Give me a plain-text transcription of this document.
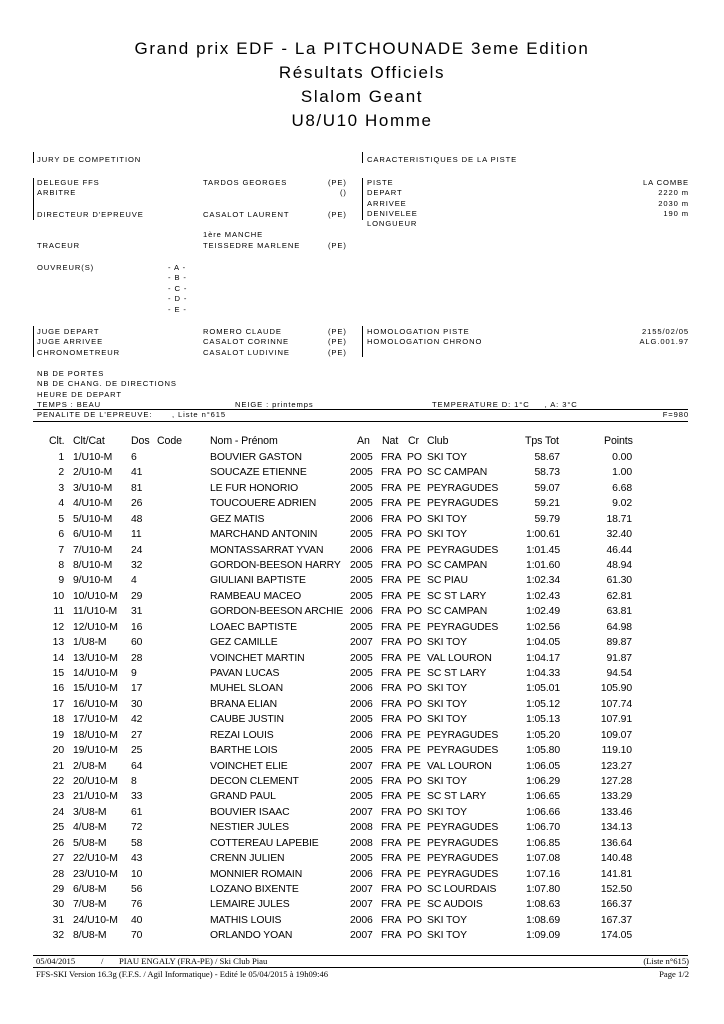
Grand prix EDF - La PITCHOUNADE 3eme Edition
Résultats Officiels
Slalom Geant
U8/U10 Homme
JURY DE COMPETITION	CARACTERISTIQUES DE LA PISTE
DELEGUE FFS	TARDOS GEORGES	(PE)
ARBITRE	()
DIRECTEUR D'EPREUVE	CASALOT LAURENT	(PE)
PISTE	LA COMBE
DEPART	2220 m
ARRIVEE	2030 m
DENIVELEE	190 m
LONGUEUR
1ère MANCHE
TRACEUR	TEISSEDRE MARLENE	(PE)
OUVREUR(S)	- A -
- B -
- C -
- D -
- E -
JUGE DEPART	ROMERO CLAUDE	(PE)
JUGE ARRIVEE	CASALOT CORINNE	(PE)
CHRONOMETREUR	CASALOT LUDIVINE	(PE)
HOMOLOGATION PISTE	2155/02/05
HOMOLOGATION CHRONO	ALG.001.97
NB DE PORTES
NB DE CHANG. DE DIRECTIONS
HEURE DE DEPART
TEMPS : BEAU	NEIGE : printemps	TEMPERATURE D: 1°C     , A: 3°C
PENALITE DE L'EPREUVE:	, Liste n°615	F=980
Clt. Clt/Cat Dos Code	Nom - Prénom	An Nat Cr Club	Tps Tot	Points
1 1/U10-M	6	BOUVIER GASTON	2005 FRA PO SKI TOY	58.67	0.00
2 2/U10-M	41	SOUCAZE ETIENNE	2005 FRA PO SC CAMPAN	58.73	1.00
3 3/U10-M	81	LE FUR HONORIO	2005 FRA PE PEYRAGUDES	59.07	6.68
4 4/U10-M	26	TOUCOUERE ADRIEN	2005 FRA PE PEYRAGUDES	59.21	9.02
5 5/U10-M	48	GEZ MATIS	2006 FRA PO SKI TOY	59.79	18.71
6 6/U10-M	11	MARCHAND ANTONIN	2005 FRA PO SKI TOY	1:00.61	32.40
7 7/U10-M	24	MONTASSARRAT YVAN	2006 FRA PE PEYRAGUDES	1:01.45	46.44
8 8/U10-M	32	GORDON-BEESON HARRY 2005 FRA PO SC CAMPAN	1:01.60	48.94
9 9/U10-M	4	GIULIANI BAPTISTE	2005 FRA PE SC PIAU	1:02.34	61.30
10 10/U10-M	29	RAMBEAU MACEO	2005 FRA PE SC ST LARY	1:02.43	62.81
11 11/U10-M	31	GORDON-BEESON ARCHIE 2006 FRA PO SC CAMPAN	1:02.49	63.81
12 12/U10-M	16	LOAEC BAPTISTE	2005 FRA PE PEYRAGUDES	1:02.56	64.98
13 1/U8-M	60	GEZ CAMILLE	2007 FRA PO SKI TOY	1:04.05	89.87
14 13/U10-M	28	VOINCHET MARTIN	2005 FRA PE VAL LOURON	1:04.17	91.87
15 14/U10-M	9	PAVAN LUCAS	2005 FRA PE SC ST LARY	1:04.33	94.54
16 15/U10-M	17	MUHEL SLOAN	2006 FRA PO SKI TOY	1:05.01	105.90
17 16/U10-M	30	BRANA ELIAN	2006 FRA PO SKI TOY	1:05.12	107.74
18 17/U10-M	42	CAUBE JUSTIN	2005 FRA PO SKI TOY	1:05.13	107.91
19 18/U10-M	27	REZAI LOUIS	2006 FRA PE PEYRAGUDES	1:05.20	109.07
20 19/U10-M	25	BARTHE LOIS	2005 FRA PE PEYRAGUDES	1:05.80	119.10
21 2/U8-M	64	VOINCHET ELIE	2007 FRA PE VAL LOURON	1:06.05	123.27
22 20/U10-M	8	DECON CLEMENT	2005 FRA PO SKI TOY	1:06.29	127.28
23 21/U10-M	33	GRAND PAUL	2005 FRA PE SC ST LARY	1:06.65	133.29
24 3/U8-M	61	BOUVIER ISAAC	2007 FRA PO SKI TOY	1:06.66	133.46
25 4/U8-M	72	NESTIER JULES	2008 FRA PE PEYRAGUDES	1:06.70	134.13
26 5/U8-M	58	COTTEREAU LAPEBIE	2008 FRA PE PEYRAGUDES	1:06.85	136.64
27 22/U10-M	43	CRENN JULIEN	2005 FRA PE PEYRAGUDES	1:07.08	140.48
28 23/U10-M	10	MONNIER ROMAIN	2006 FRA PE PEYRAGUDES	1:07.16	141.81
29 6/U8-M	56	LOZANO BIXENTE	2007 FRA PO SC LOURDAIS	1:07.80	152.50
30 7/U8-M	76	LEMAIRE JULES	2007 FRA PE SC AUDOIS	1:08.63	166.37
31 24/U10-M	40	MATHIS LOUIS	2006 FRA PO SKI TOY	1:08.69	167.37
32 8/U8-M	70	ORLANDO YOAN	2007 FRA PO SKI TOY	1:09.09	174.05
05/04/2015	/ PIAU ENGALY (FRA-PE) / Ski Club Piau	(Liste n°615)
FFS-SKI Version 16.3g (F.F.S. / Agil Informatique) - Edité le 05/04/2015 à 19h09:46	Page 1/2
